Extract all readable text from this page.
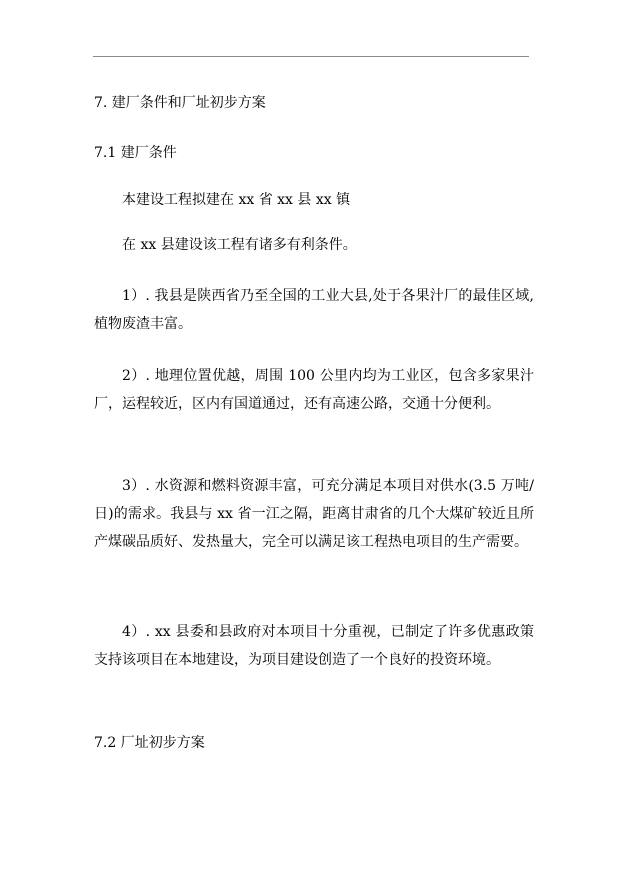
7. 建厂条件和厂址初步方案
7.1 建厂条件
本建设工程拟建在 xx 省 xx 县 xx 镇
在 xx 县建设该工程有诸多有利条件。
1）. 我县是陕西省乃至全国的工业大县,处于各果汁厂的最佳区域,植物废渣丰富。
2）. 地理位置优越，周围 100 公里内均为工业区，包含多家果汁厂，运程较近，区内有国道通过，还有高速公路，交通十分便利。
3）. 水资源和燃料资源丰富，可充分满足本项目对供水(3.5 万吨/日)的需求。我县与 xx 省一江之隔，距离甘肃省的几个大煤矿较近且所产煤碳品质好、发热量大，完全可以满足该工程热电项目的生产需要。
4）. xx 县委和县政府对本项目十分重视，已制定了许多优惠政策支持该项目在本地建设，为项目建设创造了一个良好的投资环境。
7.2 厂址初步方案
